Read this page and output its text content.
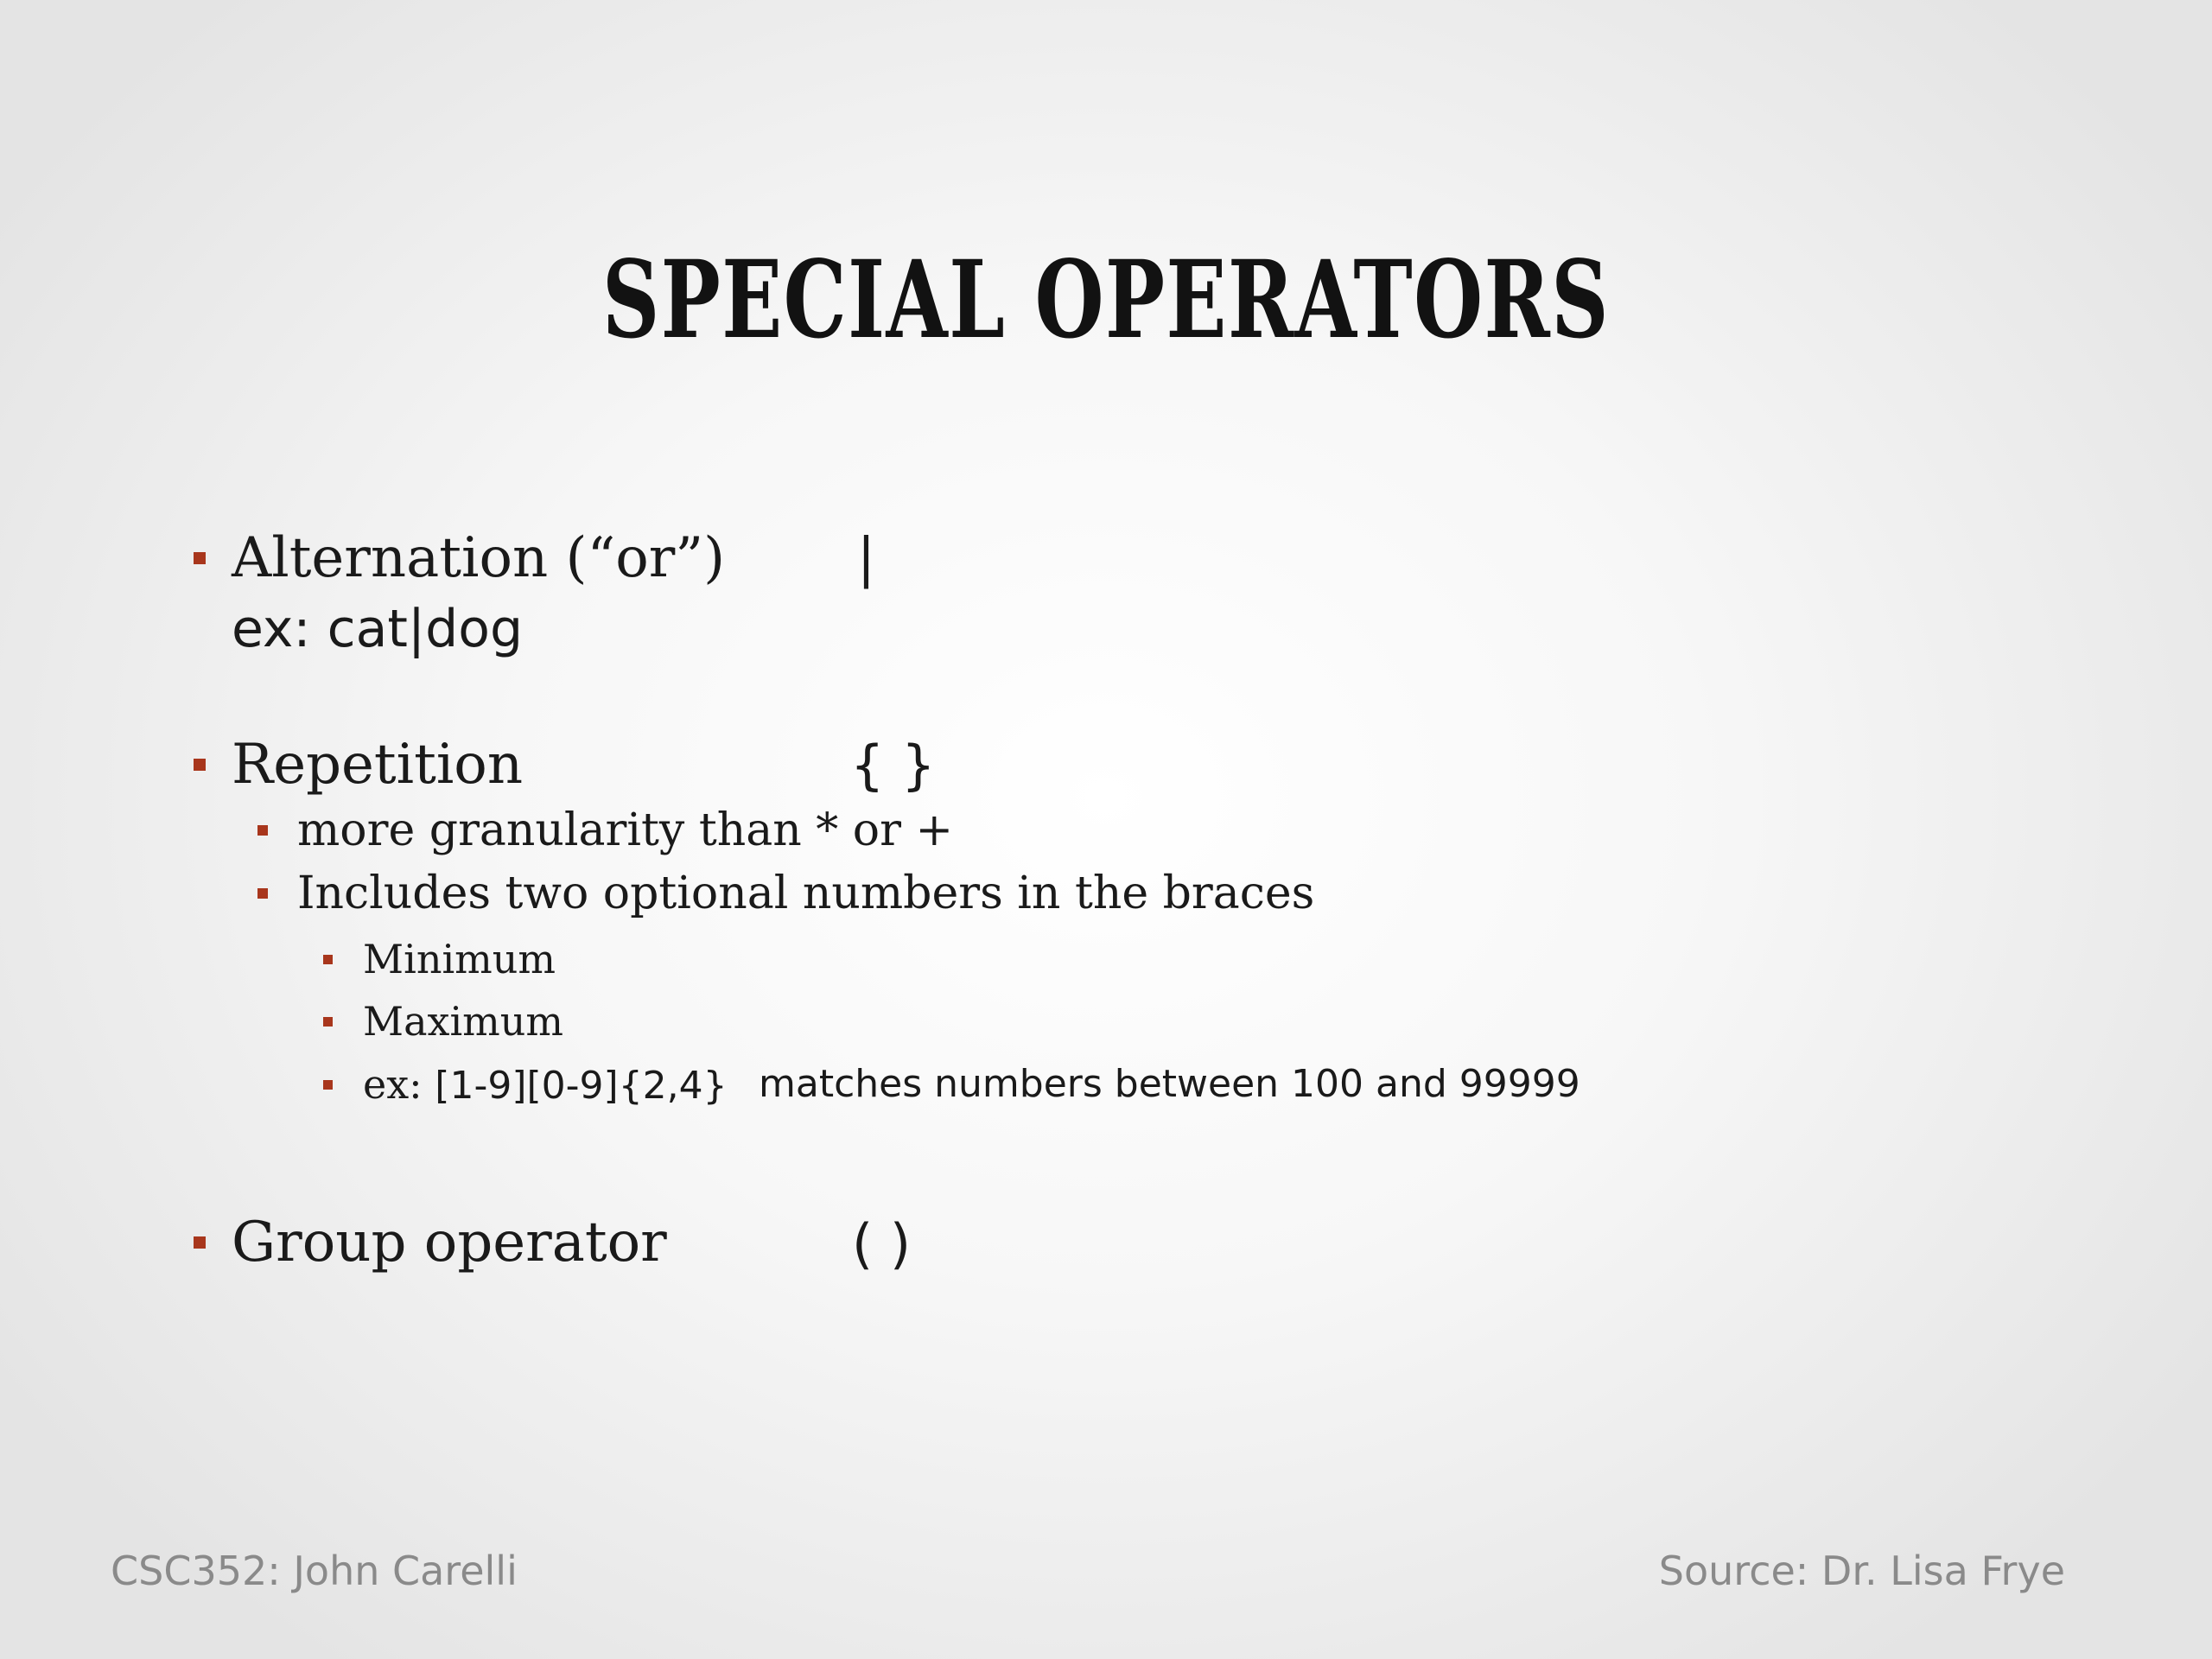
SPECIAL OPERATORS
Alternation (“or”) |
ex: cat|dog
Repetition	{ }
more granularity than * or +
Includes two optional numbers in the braces
Minimum
Maximum
ex: [1-9][0-9]{2,4} matches numbers between 100 and 99999
Group operator	( )
CSC352: John Carelli	Source: Dr. Lisa Frye
